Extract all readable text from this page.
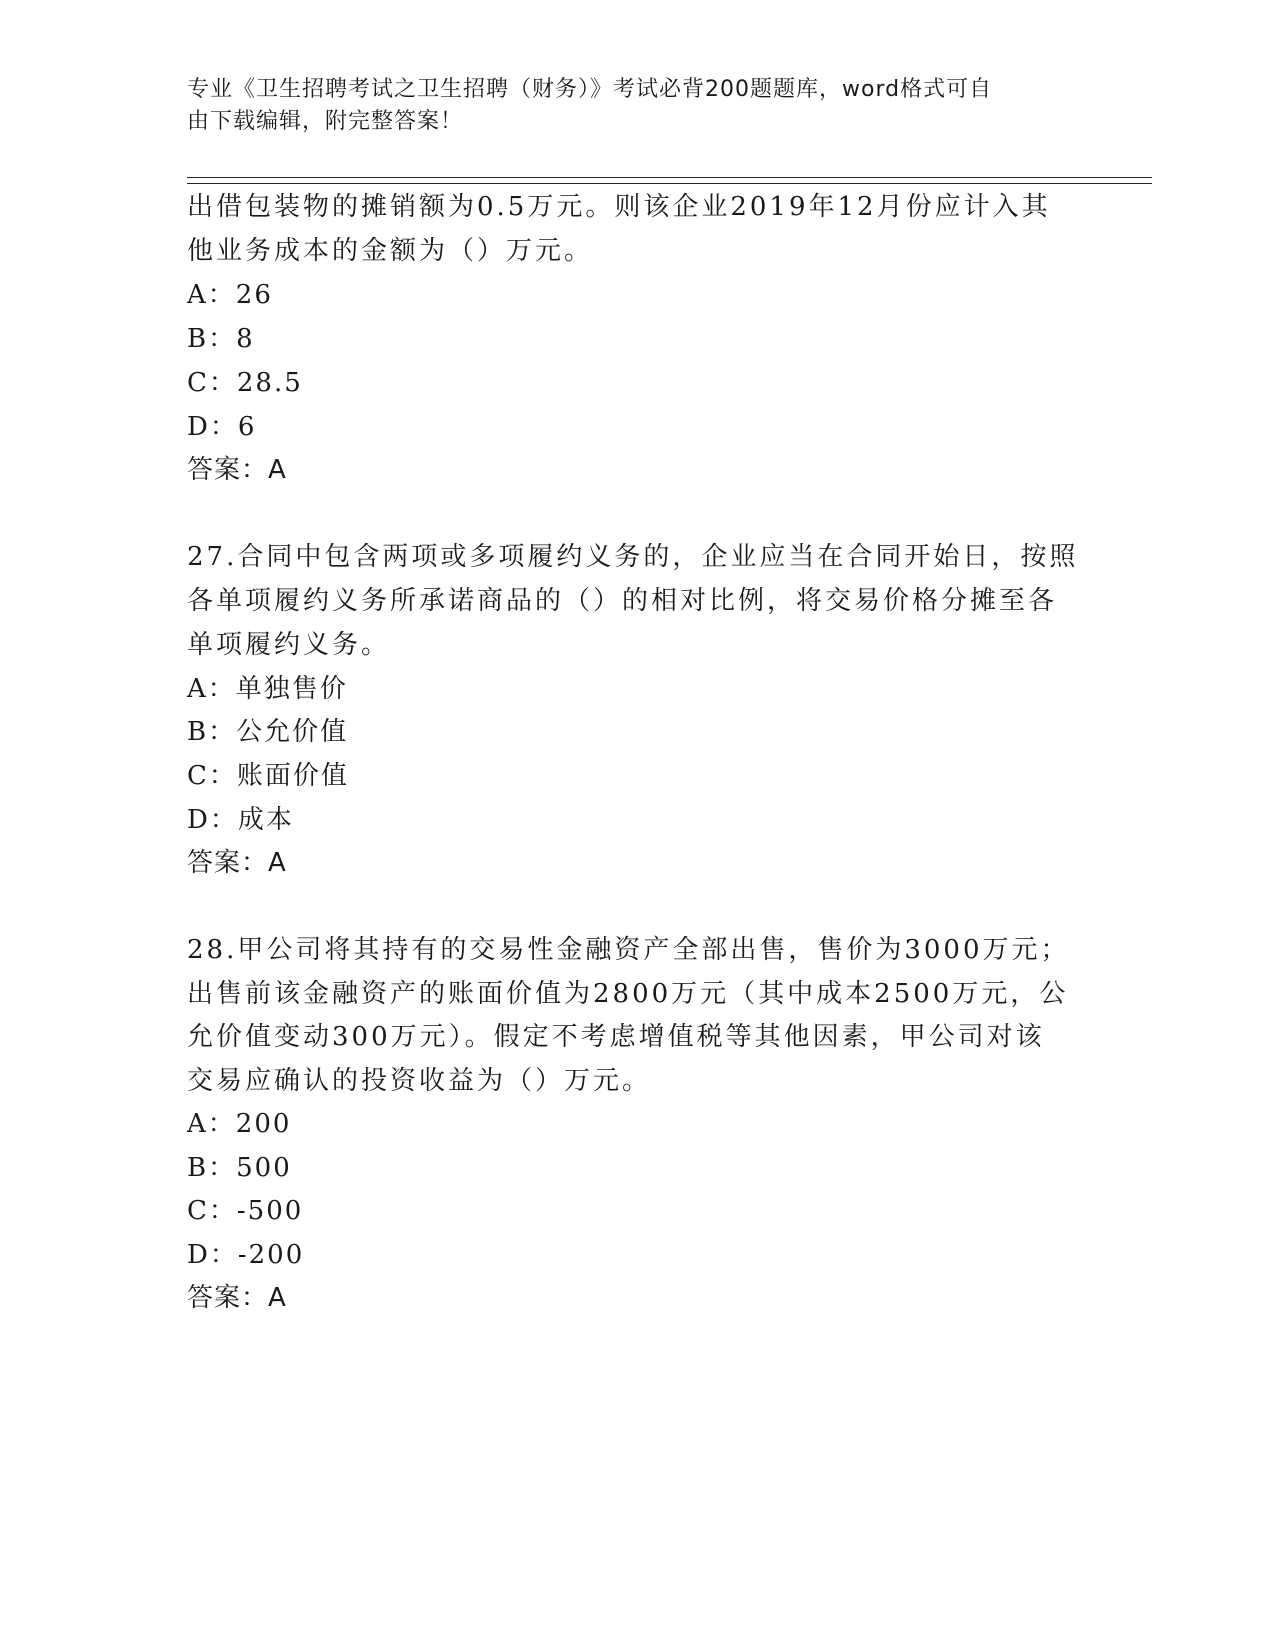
专业《卫生招聘考试之卫生招聘（财务）》考试必背200题题库，word格式可自
由下载编辑，附完整答案！
出借包装物的摊销额为0.5万元。则该企业2019年12月份应计入其
他业务成本的金额为（）万元。
A：26
B：8
C：28.5
D：6
答案：A
27.合同中包含两项或多项履约义务的，企业应当在合同开始日，按照
各单项履约义务所承诺商品的（）的相对比例，将交易价格分摊至各
单项履约义务。
A：单独售价
B：公允价值
C：账面价值
D：成本
答案：A
28.甲公司将其持有的交易性金融资产全部出售，售价为3000万元；
出售前该金融资产的账面价值为2800万元（其中成本2500万元，公
允价值变动300万元）。假定不考虑增值税等其他因素，甲公司对该
交易应确认的投资收益为（）万元。
A：200
B：500
C：-500
D：-200
答案：A
